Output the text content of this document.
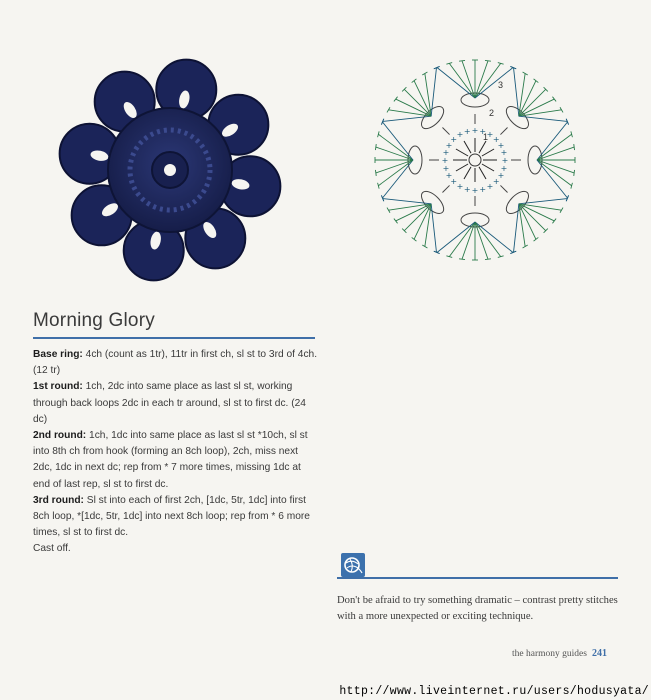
+
+
+
+
+
+
+
+
+
+
+
+
+
+
+
+
+ + + + +
+
+
+
3
2
1
Morning Glory

Base ring: 4ch (count as 1tr), 11tr in first ch, sl st to 3rd of 4ch. (12 tr)

1st round: 1ch, 2dc into same place as last sl st, working through back loops 2dc in each tr around, sl st to first dc. (24 dc)

2nd round: 1ch, 1dc into same place as last sl st *10ch, sl st into 8th ch from hook (forming an 8ch loop), 2ch, miss next 2dc, 1dc in next dc; rep from * 7 more times, missing 1dc at end of last rep, sl st to first dc.

3rd round: Sl st into each of first 2ch, [1dc, 5tr, 1dc] into first 8ch loop, *[1dc, 5tr, 1dc] into next 8ch loop; rep from * 6 more times, sl st to first dc.

Cast off.

Don't be afraid to try something dramatic – contrast pretty stitches with a more unexpected or exciting technique.
the harmony guides 241
http://www.liveinternet.ru/users/hodusyata/
